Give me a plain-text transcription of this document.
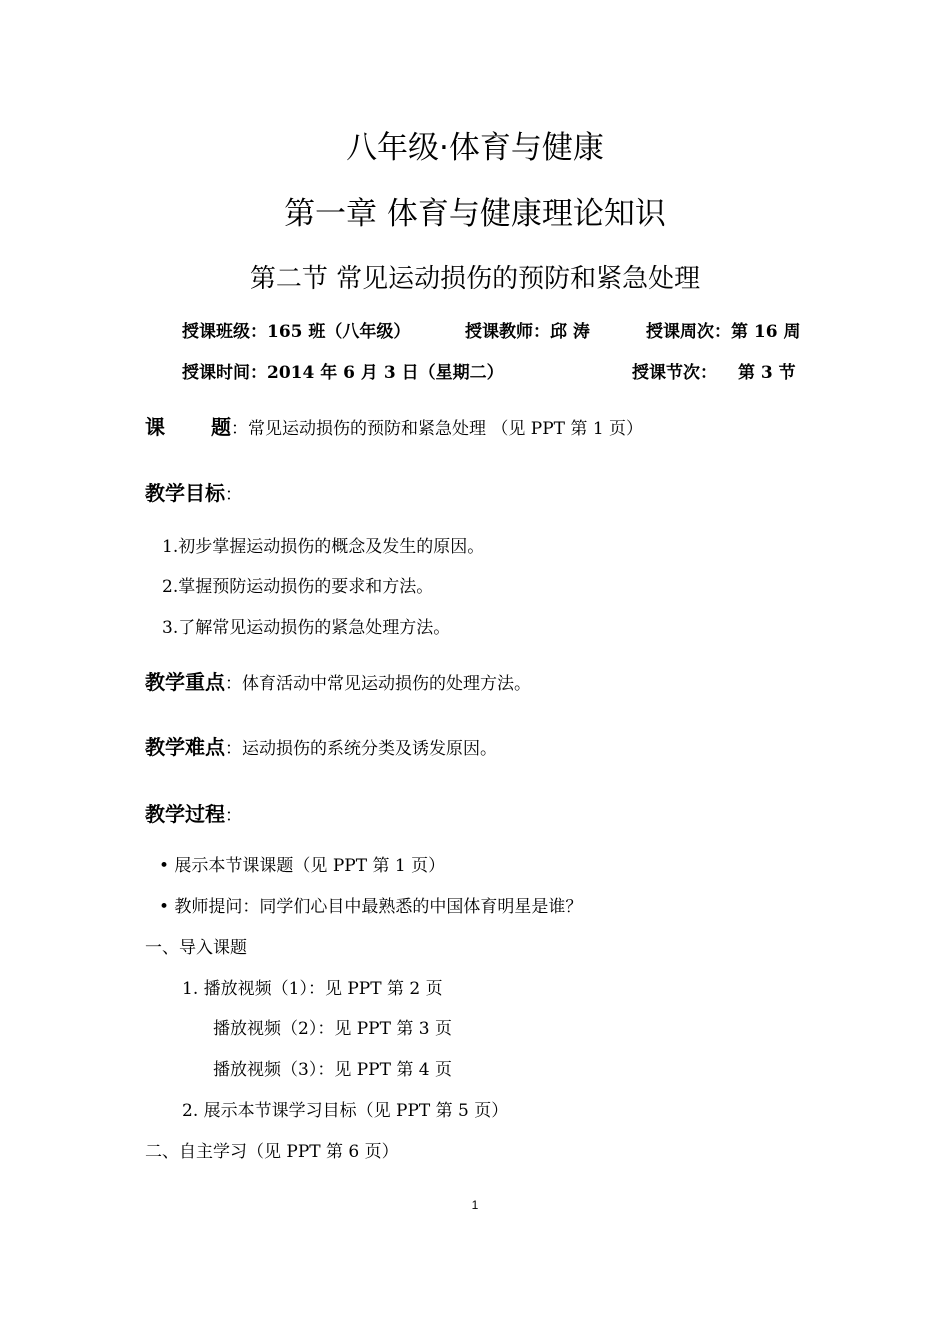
八年级·体育与健康
第一章 体育与健康理论知识
第二节 常见运动损伤的预防和紧急处理
授课班级：165 班（八年级）	授课教师：邱 涛	授课周次：第 16 周
授课时间：2014 年 6 月 3 日（星期二）	授课节次： 第 3 节
课 题：常见运动损伤的预防和紧急处理 （见 PPT 第 1 页）
教学目标：
1.初步掌握运动损伤的概念及发生的原因。
2.掌握预防运动损伤的要求和方法。
3.了解常见运动损伤的紧急处理方法。
教学重点：体育活动中常见运动损伤的处理方法。
教学难点：运动损伤的系统分类及诱发原因。
教学过程：
• 展示本节课课题（见 PPT 第 1 页）
• 教师提问：同学们心目中最熟悉的中国体育明星是谁？
一、导入课题
1. 播放视频（1）：见 PPT 第 2 页
播放视频（2）：见 PPT 第 3 页
播放视频（3）：见 PPT 第 4 页
2. 展示本节课学习目标（见 PPT 第 5 页）
二、自主学习（见 PPT 第 6 页）
1
